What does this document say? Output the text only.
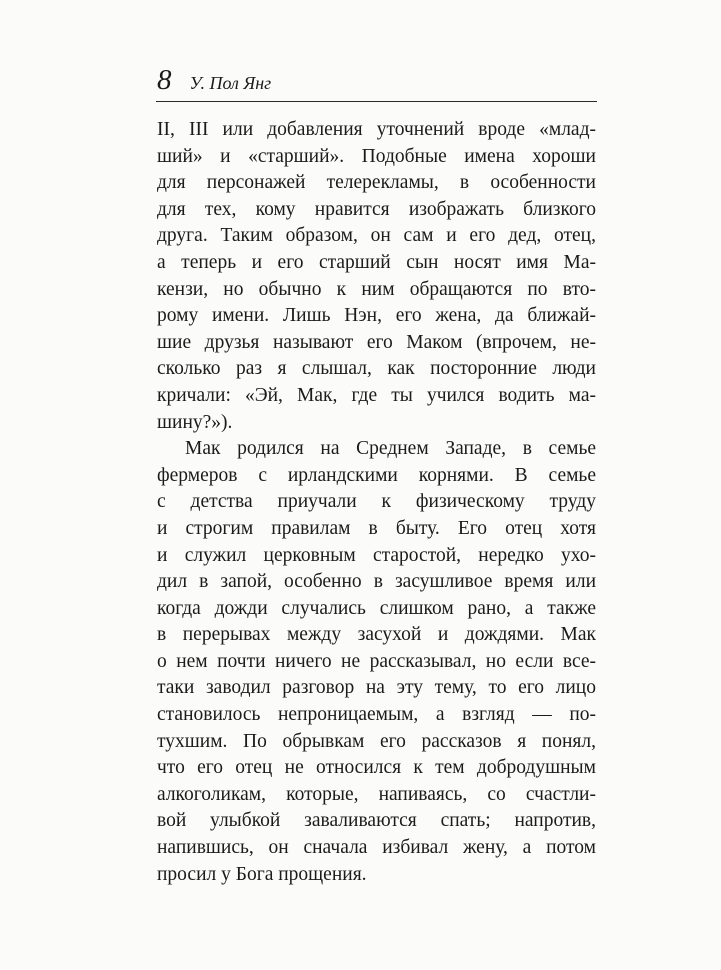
8 У. Пол Янг
II, III или добавления уточнений вроде «млад-
ший» и «старший». Подобные имена хороши
для персонажей телерекламы, в особенности
для тех, кому нравится изображать близкого
друга. Таким образом, он сам и его дед, отец,
а теперь и его старший сын носят имя Ма-
кензи, но обычно к ним обращаются по вто-
рому имени. Лишь Нэн, его жена, да ближай-
шие друзья называют его Маком (впрочем, не-
сколько раз я слышал, как посторонние люди
кричали: «Эй, Мак, где ты учился водить ма-
шину?»).
Мак родился на Среднем Западе, в семье
фермеров с ирландскими корнями. В семье
с детства приучали к физическому труду
и строгим правилам в быту. Его отец хотя
и служил церковным старостой, нередко ухо-
дил в запой, особенно в засушливое время или
когда дожди случались слишком рано, а также
в перерывах между засухой и дождями. Мак
о нем почти ничего не рассказывал, но если все-
таки заводил разговор на эту тему, то его лицо
становилось непроницаемым, а взгляд — по-
тухшим. По обрывкам его рассказов я понял,
что его отец не относился к тем добродушным
алкоголикам, которые, напиваясь, со счастли-
вой улыбкой заваливаются спать; напротив,
напившись, он сначала избивал жену, а потом
просил у Бога прощения.
